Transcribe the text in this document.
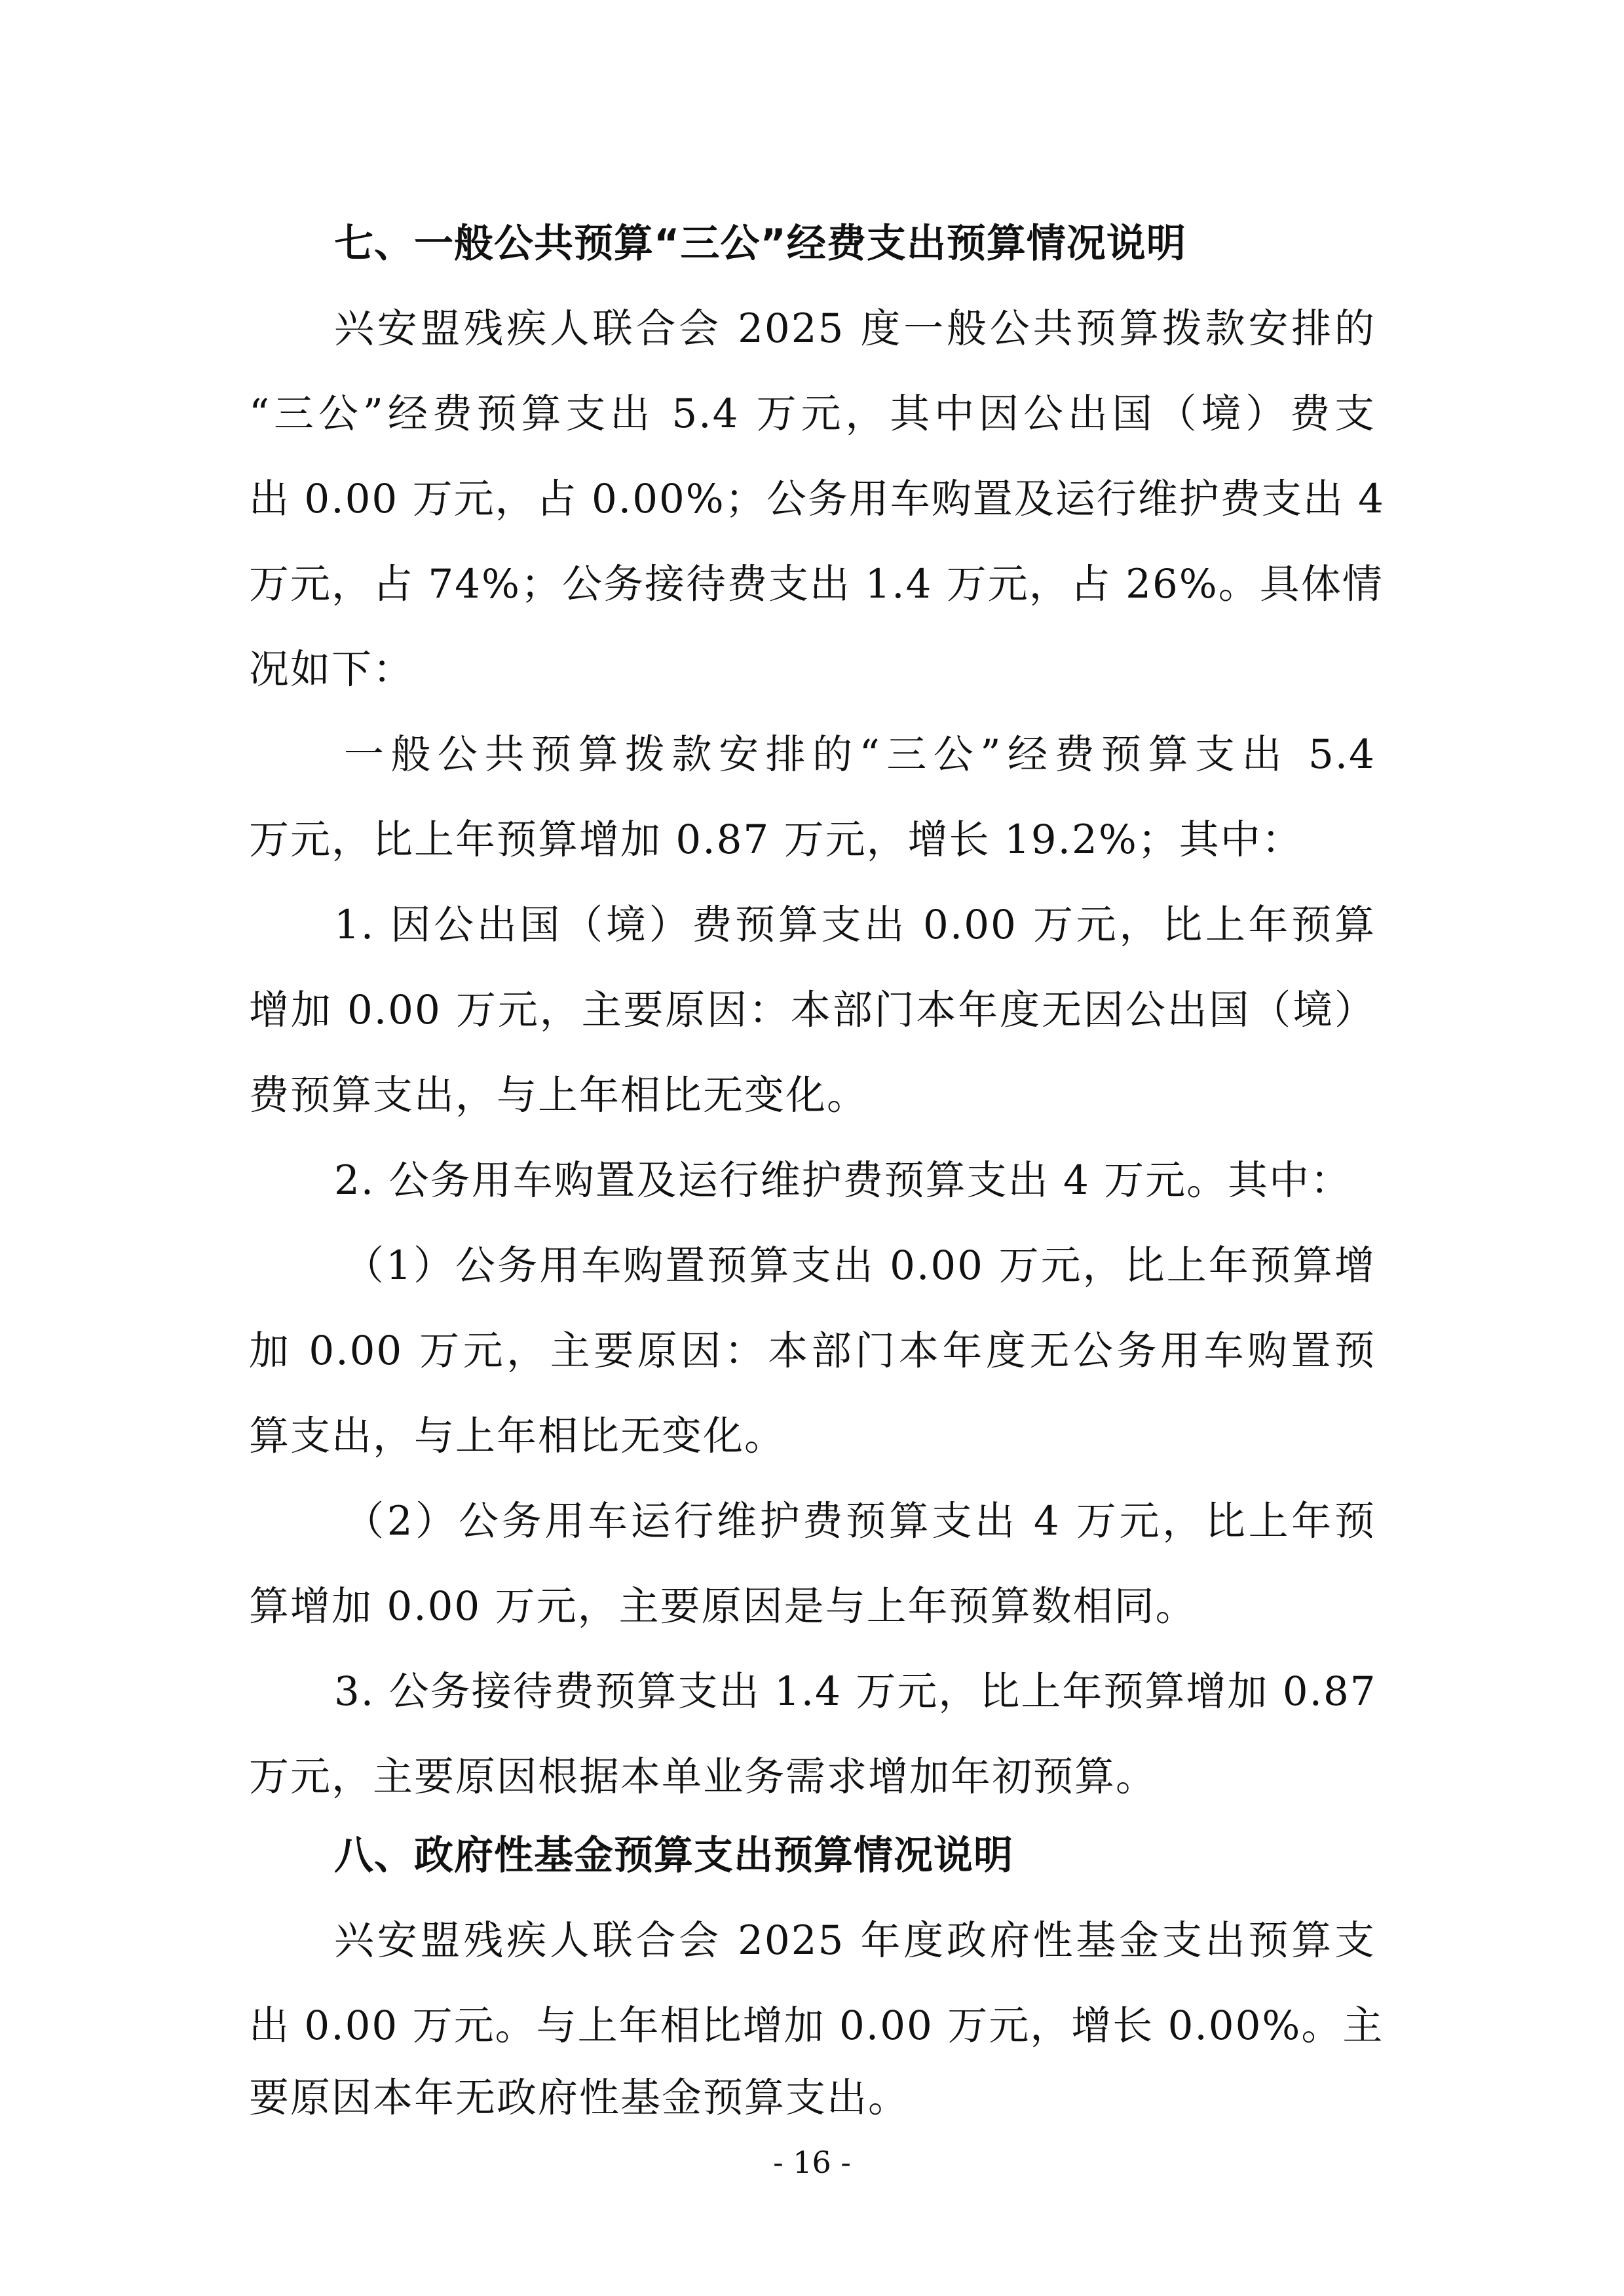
七、一般公共预算“三公”经费支出预算情况说明
兴安盟残疾人联合会 2025 度一般公共预算拨款安排的
“三公”经费预算支出 5.4 万元，其中因公出国（境）费支
出 0.00 万元，占 0.00%；公务用车购置及运行维护费支出 4
万元，占 74%；公务接待费支出 1.4 万元，占 26%。具体情
况如下：
一般公共预算拨款安排的“三公”经费预算支出 5.4
万元，比上年预算增加 0.87 万元，增长 19.2%；其中：
1. 因公出国（境）费预算支出 0.00 万元，比上年预算
增加 0.00 万元，主要原因：本部门本年度无因公出国（境）
费预算支出，与上年相比无变化。
2. 公务用车购置及运行维护费预算支出 4 万元。其中：
（1）公务用车购置预算支出 0.00 万元，比上年预算增
加 0.00 万元，主要原因：本部门本年度无公务用车购置预
算支出，与上年相比无变化。
（2）公务用车运行维护费预算支出 4 万元，比上年预
算增加 0.00 万元，主要原因是与上年预算数相同。
3. 公务接待费预算支出 1.4 万元，比上年预算增加 0.87
万元，主要原因根据本单业务需求增加年初预算。
八、政府性基金预算支出预算情况说明
兴安盟残疾人联合会 2025 年度政府性基金支出预算支
出 0.00 万元。与上年相比增加 0.00 万元，增长 0.00%。主
要原因本年无政府性基金预算支出。
- 16 -
